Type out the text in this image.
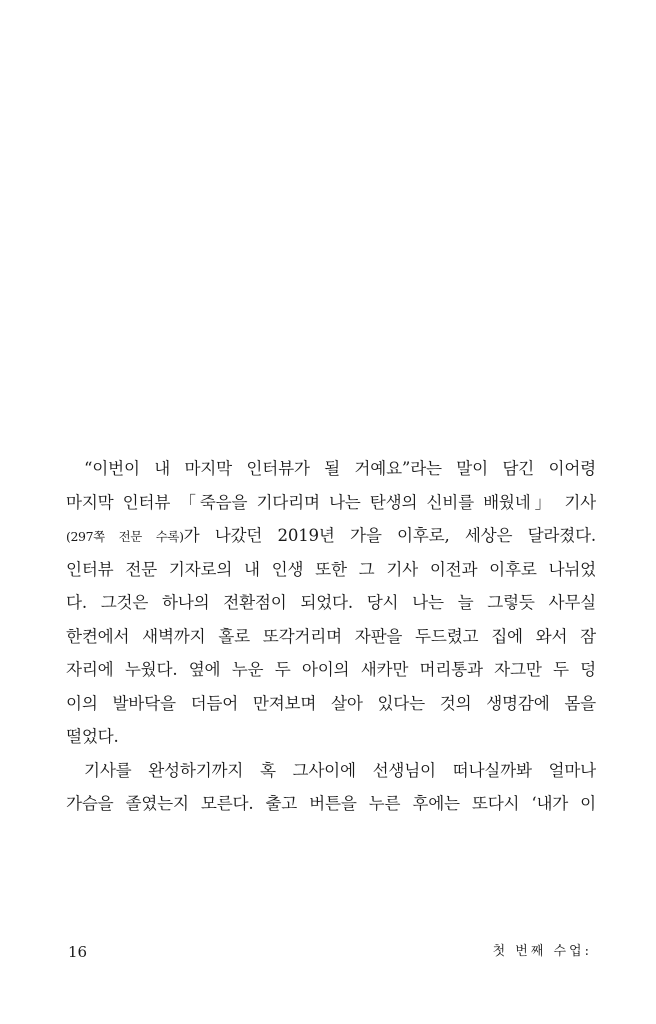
“이번이 내 마지막 인터뷰가 될 거예요”라는 말이 담긴 이어령
마지막 인터뷰 「죽음을 기다리며 나는 탄생의 신비를 배웠네」 기사
(297쪽 전문 수록)가 나갔던 2019년 가을 이후로, 세상은 달라졌다.
인터뷰 전문 기자로의 내 인생 또한 그 기사 이전과 이후로 나뉘었
다. 그것은 하나의 전환점이 되었다. 당시 나는 늘 그렇듯 사무실
한켠에서 새벽까지 홀로 또각거리며 자판을 두드렸고 집에 와서 잠
자리에 누웠다. 옆에 누운 두 아이의 새카만 머리통과 자그만 두 덩
이의 발바닥을 더듬어 만져보며 살아 있다는 것의 생명감에 몸을
떨었다.
기사를 완성하기까지 혹 그사이에 선생님이 떠나실까봐 얼마나
가슴을 졸였는지 모른다. 출고 버튼을 누른 후에는 또다시 ‘내가 이
16	첫 번째 수업:
